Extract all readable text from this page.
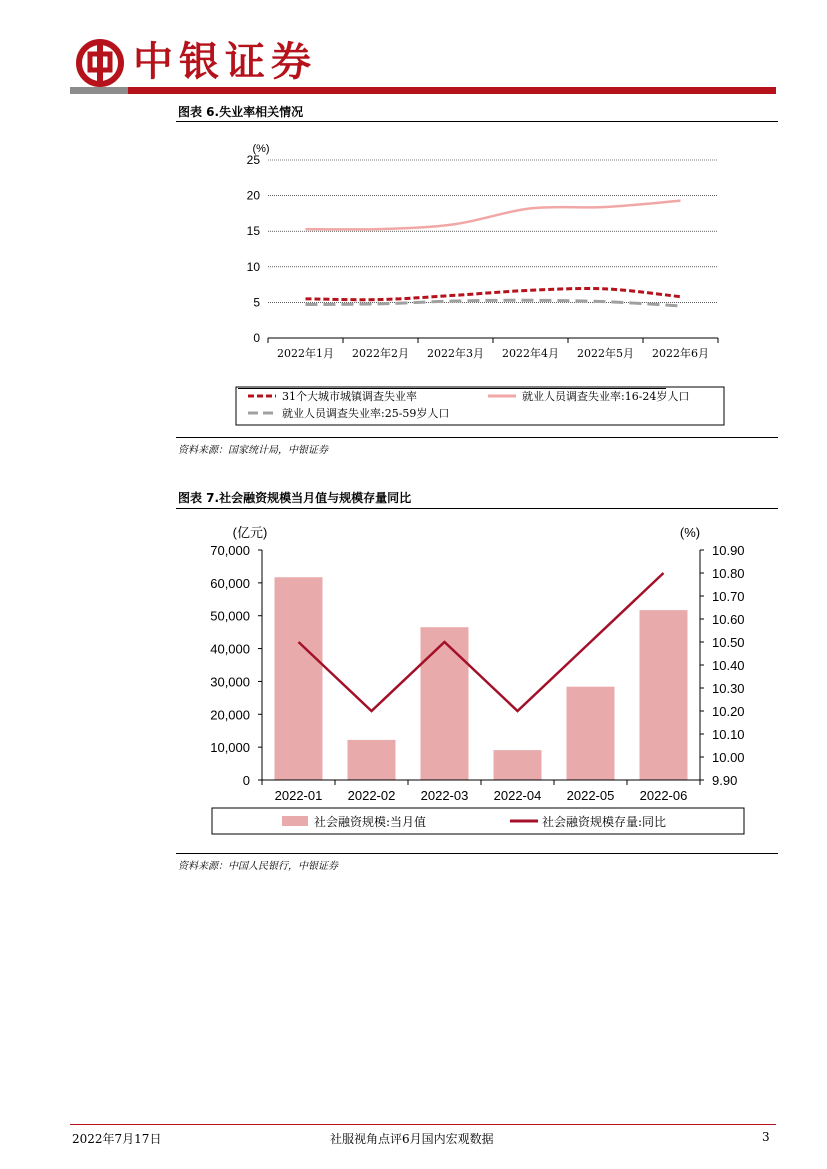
中银证券
图表 6.失业率相关情况
(%)
0
5
10
15
20
25
2022年1月 2022年2月 2022年3月 2022年4月 2022年5月 2022年6月
31个大城市城镇调查失业率	就业人员调查失业率:16-24岁人口
就业人员调查失业率:25-59岁人口
资料来源：国家统计局，中银证券
图表 7.社会融资规模当月值与规模存量同比
(亿元)	(%)
0
10,000
20,000
30,000
40,000
50,000
60,000
70,000
9.90
10.00
10.10
10.20
10.30
10.40
10.50
10.60
10.70
10.80
10.90
2022-01 2022-02 2022-03 2022-04 2022-05 2022-06
社会融资规模:当月值	社会融资规模存量:同比
资料来源：中国人民银行，中银证券
2022年7月17日	社服视角点评6月国内宏观数据	3
